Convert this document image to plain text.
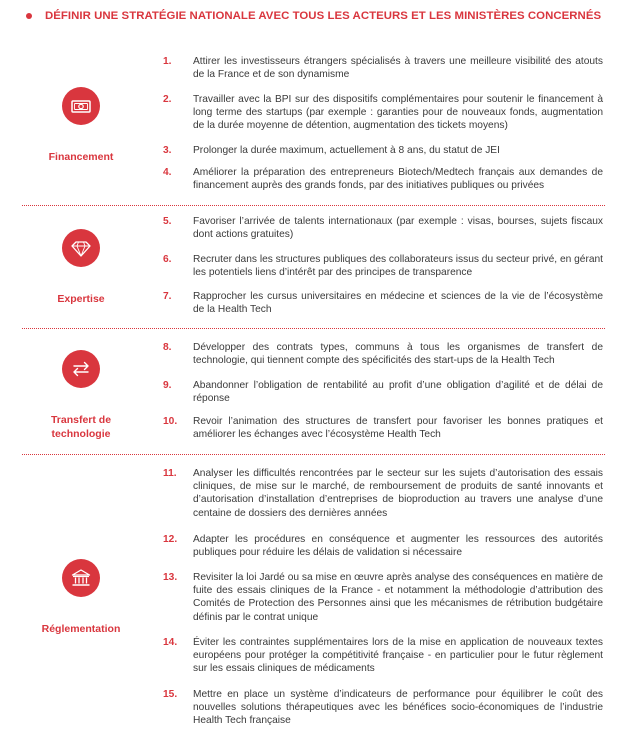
DÉFINIR UNE STRATÉGIE NATIONALE AVEC TOUS LES ACTEURS ET LES MINISTÈRES CONCERNÉS
Financement
1.	Attirer les investisseurs étrangers spécialisés à travers une meilleure visibilité des atouts de la France et de son dynamisme
2.	Travailler avec la BPI sur des dispositifs complémentaires pour soutenir le financement à long terme des startups (par exemple : garanties pour de nouveaux fonds, augmentation de la durée moyenne de détention, augmentation des tickets moyens)
3.	Prolonger la durée maximum, actuellement à 8 ans, du statut de JEI
4.	Améliorer la préparation des entrepreneurs Biotech/Medtech français aux demandes de financement auprès des grands fonds, par des initiatives publiques ou privées
Expertise
5.	Favoriser l’arrivée de talents internationaux (par exemple : visas, bourses, sujets fiscaux dont actions gratuites)
6.	Recruter dans les structures publiques des collaborateurs issus du secteur privé, en gérant les potentiels liens d’intérêt par des principes de transparence
7.	Rapprocher les cursus universitaires en médecine et sciences de la vie de l’écosystème de la Health Tech
Transfert de technologie
8.	Développer des contrats types, communs à tous les organismes de transfert de technologie, qui tiennent compte des spécificités des start-ups de la Health Tech
9.	Abandonner l’obligation de rentabilité au profit d’une obligation d’agilité et de délai de réponse
10.	Revoir l’animation des structures de transfert pour favoriser les bonnes pratiques et améliorer les échanges avec l’écosystème Health Tech
Réglementation
11.	Analyser les difficultés rencontrées par le secteur sur les sujets d’autorisation des essais cliniques, de mise sur le marché, de remboursement de produits de santé innovants et d’autorisation d’installation d’entreprises de bioproduction au travers une analyse d’une centaine de dossiers des dernières années
12.	Adapter les procédures en conséquence et augmenter les ressources des autorités publiques pour réduire les délais de validation si nécessaire
13.	Revisiter la loi Jardé ou sa mise en œuvre après analyse des conséquences en matière de fuite des essais cliniques de la France - et notamment la méthodologie d’attribution des Comités de Protection des Personnes ainsi que les mécanismes de rétribution budgétaire définis par le contrat unique
14.	Éviter les contraintes supplémentaires lors de la mise en application de nouveaux textes européens pour protéger la compétitivité française - en particulier pour le futur règlement sur les essais cliniques de médicaments
15.	Mettre en place un système d’indicateurs de performance pour équilibrer le coût des nouvelles solutions thérapeutiques avec les bénéfices socio-économiques de l’industrie Health Tech française
